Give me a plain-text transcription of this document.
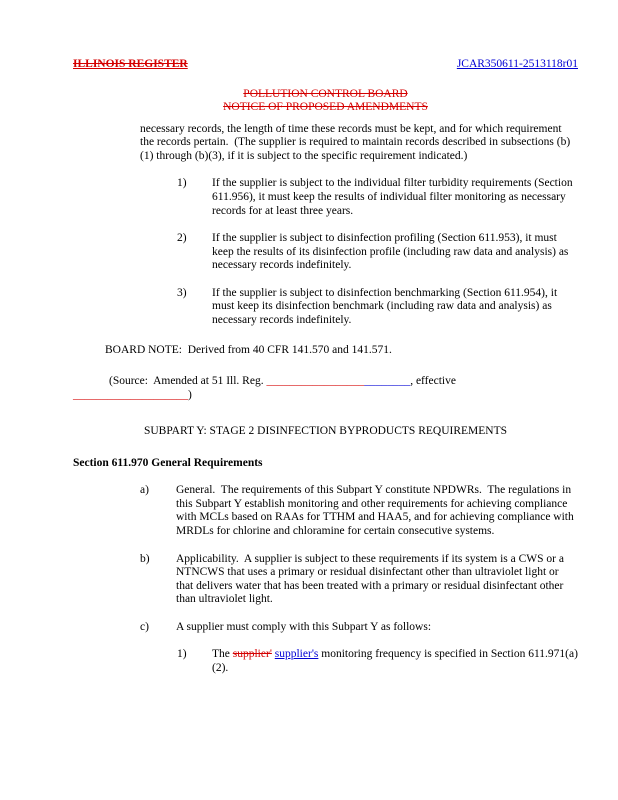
ILLINOIS REGISTER	JCAR350611-2513118r01
POLLUTION CONTROL BOARD
NOTICE OF PROPOSED AMENDMENTS

necessary records, the length of time these records must be kept, and for which requirement the records pertain.  (The supplier is required to maintain records described in subsections (b)(1) through (b)(3), if it is subject to the specific requirement indicated.)

1)	If the supplier is subject to the individual filter turbidity requirements (Section 611.956), it must keep the results of individual filter monitoring as necessary records for at least three years.
2)	If the supplier is subject to disinfection profiling (Section 611.953), it must keep the results of its disinfection profile (including raw data and analysis) as necessary records indefinitely.
3)	If the supplier is subject to disinfection benchmarking (Section 611.954), it must keep its disinfection benchmark (including raw data and analysis) as necessary records indefinitely.

BOARD NOTE:  Derived from 40 CFR 141.570 and 141.571.

(Source:  Amended at 51 Ill. Reg. _________________________, effective
____________________)
SUBPART Y: STAGE 2 DISINFECTION BYPRODUCTS REQUIREMENTS
Section 611.970 General Requirements
a)	General.  The requirements of this Subpart Y constitute NPDWRs.  The regulations in this Subpart Y establish monitoring and other requirements for achieving compliance with MCLs based on RAAs for TTHM and HAA5, and for achieving compliance with MRDLs for chlorine and chloramine for certain consecutive systems.
b)	Applicability.  A supplier is subject to these requirements if its system is a CWS or a NTNCWS that uses a primary or residual disinfectant other than ultraviolet light or that delivers water that has been treated with a primary or residual disinfectant other than ultraviolet light.
c)	A supplier must comply with this Subpart Y as follows:
1)	The supplier' supplier's monitoring frequency is specified in Section 611.971(a)(2).
